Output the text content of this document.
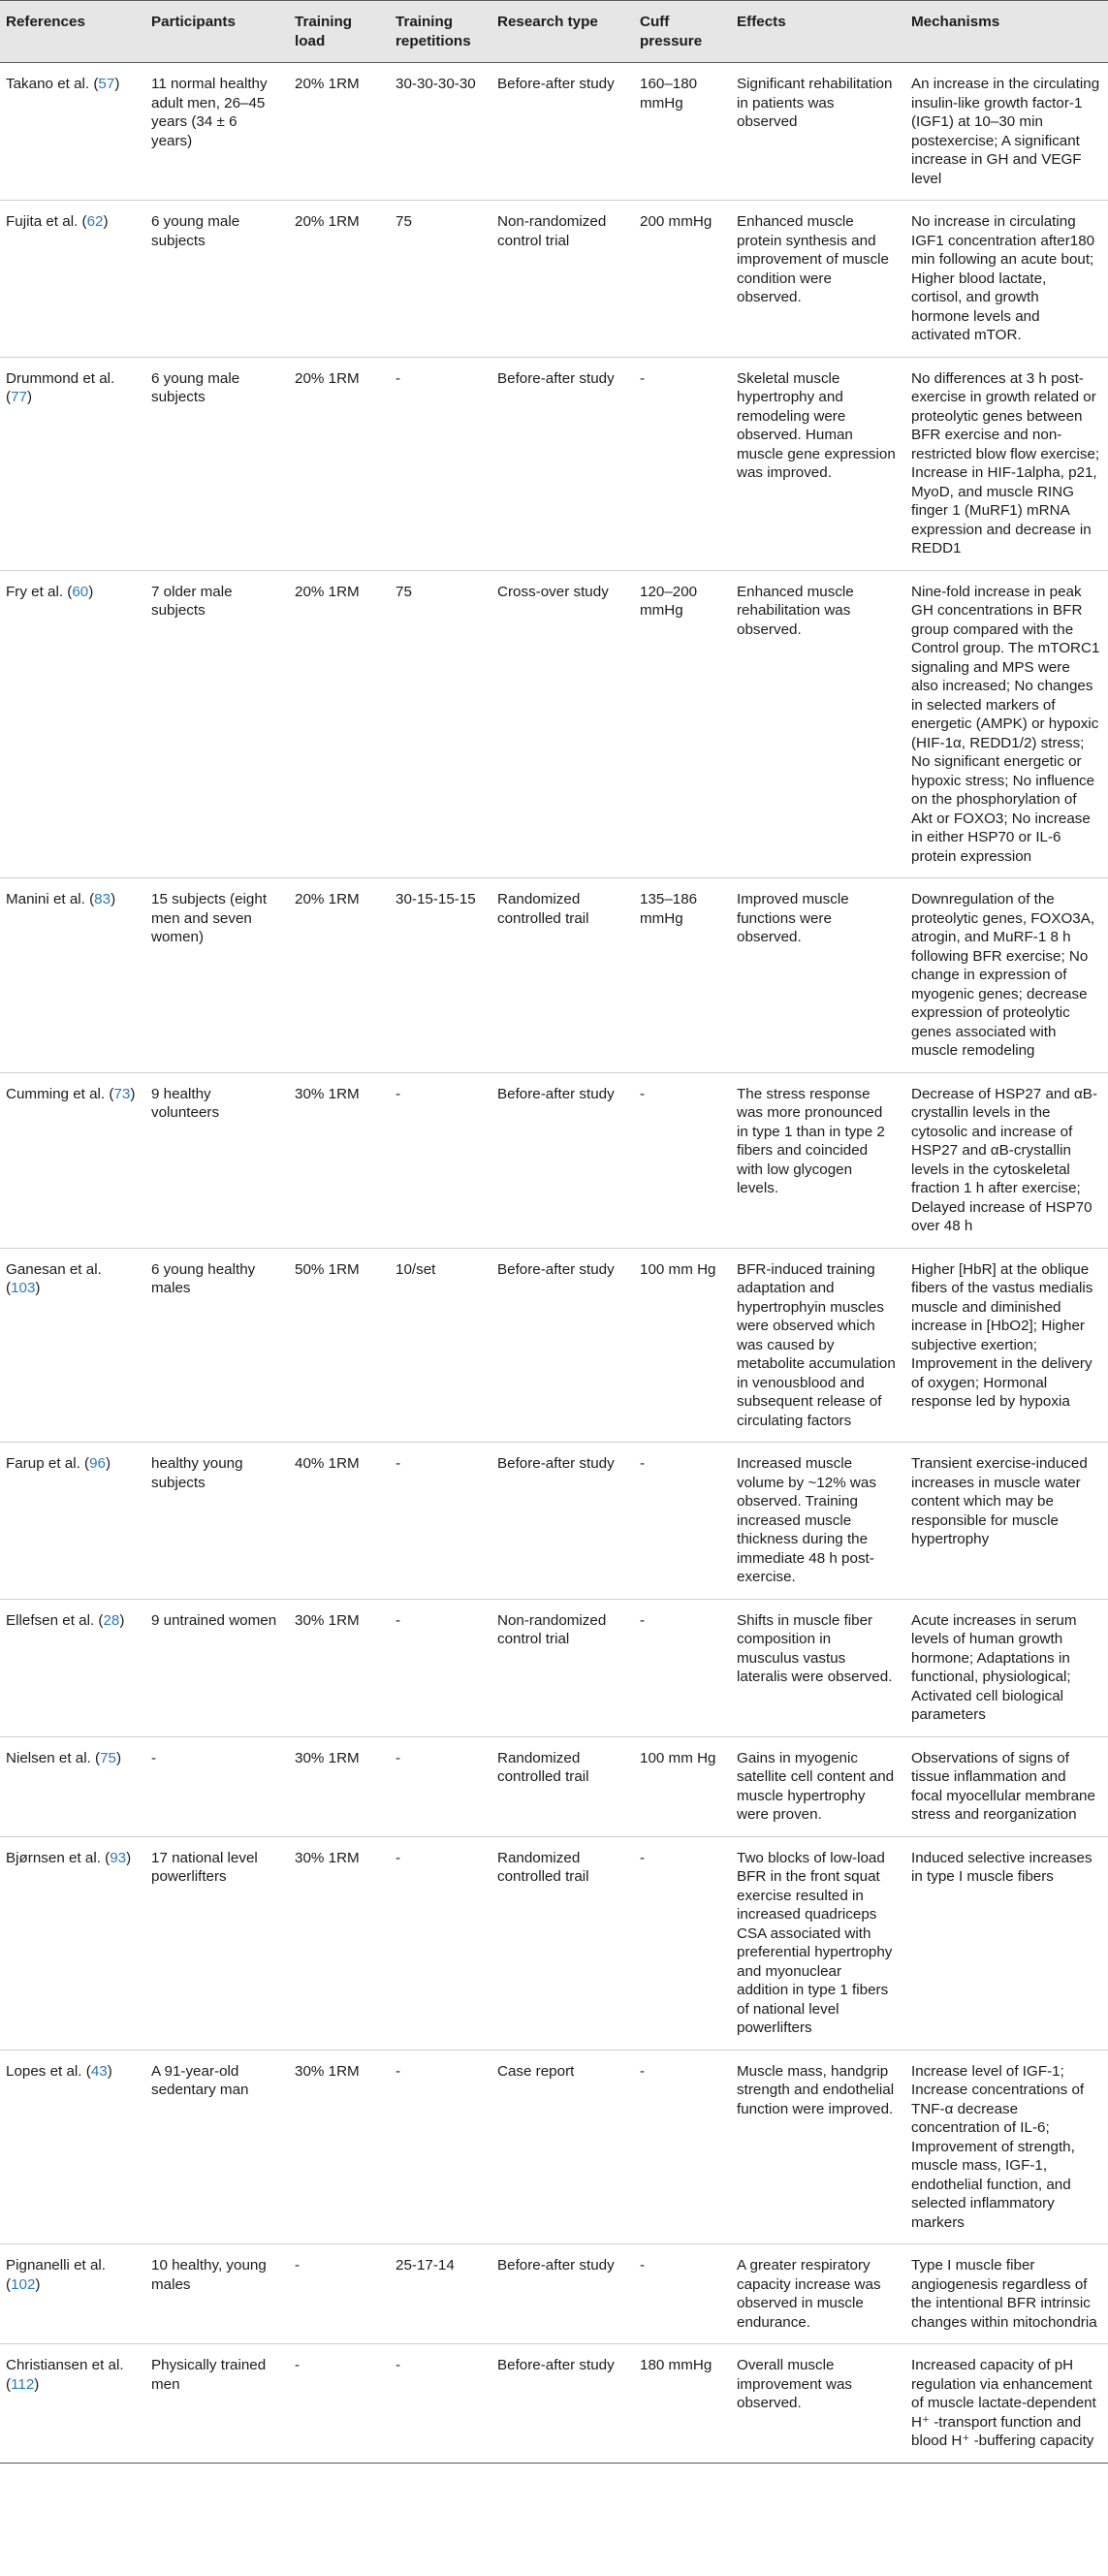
References	Participants	Training load	Training repetitions	Research type	Cuff pressure	Effects	Mechanisms
Takano et al. (57)	11 normal healthy adult men, 26–45 years (34 ± 6 years)	20% 1RM	30-30-30-30	Before-after study	160–180 mmHg	Significant rehabilitation in patients was observed	An increase in the circulating insulin-like growth factor-1 (IGF1) at 10–30 min postexercise; A significant increase in GH and VEGF level
Fujita et al. (62)	6 young male subjects	20% 1RM	75	Non-randomized control trial	200 mmHg	Enhanced muscle protein synthesis and improvement of muscle condition were observed.	No increase in circulating IGF1 concentration after180 min following an acute bout; Higher blood lactate, cortisol, and growth hormone levels and activated mTOR.
Drummond et al. (77)	6 young male subjects	20% 1RM	-	Before-after study	-	Skeletal muscle hypertrophy and remodeling were observed. Human muscle gene expression was improved.	No differences at 3 h post-exercise in growth related or proteolytic genes between BFR exercise and non-restricted blow flow exercise; Increase in HIF-1alpha, p21, MyoD, and muscle RING finger 1 (MuRF1) mRNA expression and decrease in REDD1
Fry et al. (60)	7 older male subjects	20% 1RM	75	Cross-over study	120–200 mmHg	Enhanced muscle rehabilitation was observed.	Nine-fold increase in peak GH concentrations in BFR group compared with the Control group. The mTORC1 signaling and MPS were also increased; No changes in selected markers of energetic (AMPK) or hypoxic (HIF-1α, REDD1/2) stress; No significant energetic or hypoxic stress; No influence on the phosphorylation of Akt or FOXO3; No increase in either HSP70 or IL-6 protein expression
Manini et al. (83)	15 subjects (eight men and seven women)	20% 1RM	30-15-15-15	Randomized controlled trail	135–186 mmHg	Improved muscle functions were observed.	Downregulation of the proteolytic genes, FOXO3A, atrogin, and MuRF-1 8 h following BFR exercise; No change in expression of myogenic genes; decrease expression of proteolytic genes associated with muscle remodeling
Cumming et al. (73)	9 healthy volunteers	30% 1RM	-	Before-after study	-	The stress response was more pronounced in type 1 than in type 2 fibers and coincided with low glycogen levels.	Decrease of HSP27 and αB-crystallin levels in the cytosolic and increase of HSP27 and αB-crystallin levels in the cytoskeletal fraction 1 h after exercise; Delayed increase of HSP70 over 48 h
Ganesan et al. (103)	6 young healthy males	50% 1RM	10/set	Before-after study	100 mm Hg	BFR-induced training adaptation and hypertrophyin muscles were observed which was caused by metabolite accumulation in venousblood and subsequent release of circulating factors	Higher [HbR] at the oblique fibers of the vastus medialis muscle and diminished increase in [HbO2]; Higher subjective exertion; Improvement in the delivery of oxygen; Hormonal response led by hypoxia
Farup et al. (96)	healthy young subjects	40% 1RM	-	Before-after study	-	Increased muscle volume by ~12% was observed. Training increased muscle thickness during the immediate 48 h post-exercise.	Transient exercise-induced increases in muscle water content which may be responsible for muscle hypertrophy
Ellefsen et al. (28)	9 untrained women	30% 1RM	-	Non-randomized control trial	-	Shifts in muscle fiber composition in musculus vastus lateralis were observed.	Acute increases in serum levels of human growth hormone; Adaptations in functional, physiological; Activated cell biological parameters
Nielsen et al. (75)	-	30% 1RM	-	Randomized controlled trail	100 mm Hg	Gains in myogenic satellite cell content and muscle hypertrophy were proven.	Observations of signs of tissue inflammation and focal myocellular membrane stress and reorganization
Bjørnsen et al. (93)	17 national level powerlifters	30% 1RM	-	Randomized controlled trail	-	Two blocks of low-load BFR in the front squat exercise resulted in increased quadriceps CSA associated with preferential hypertrophy and myonuclear addition in type 1 fibers of national level powerlifters	Induced selective increases in type I muscle fibers
Lopes et al. (43)	A 91-year-old sedentary man	30% 1RM	-	Case report	-	Muscle mass, handgrip strength and endothelial function were improved.	Increase level of IGF-1; Increase concentrations of TNF-α decrease concentration of IL-6; Improvement of strength, muscle mass, IGF-1, endothelial function, and selected inflammatory markers
Pignanelli et al. (102)	10 healthy, young males	-	25-17-14	Before-after study	-	A greater respiratory capacity increase was observed in muscle endurance.	Type I muscle fiber angiogenesis regardless of the intentional BFR intrinsic changes within mitochondria
Christiansen et al. (112)	Physically trained men	-	-	Before-after study	180 mmHg	Overall muscle improvement was observed.	Increased capacity of pH regulation via enhancement of muscle lactate-dependent H⁺ -transport function and blood H⁺ -buffering capacity
